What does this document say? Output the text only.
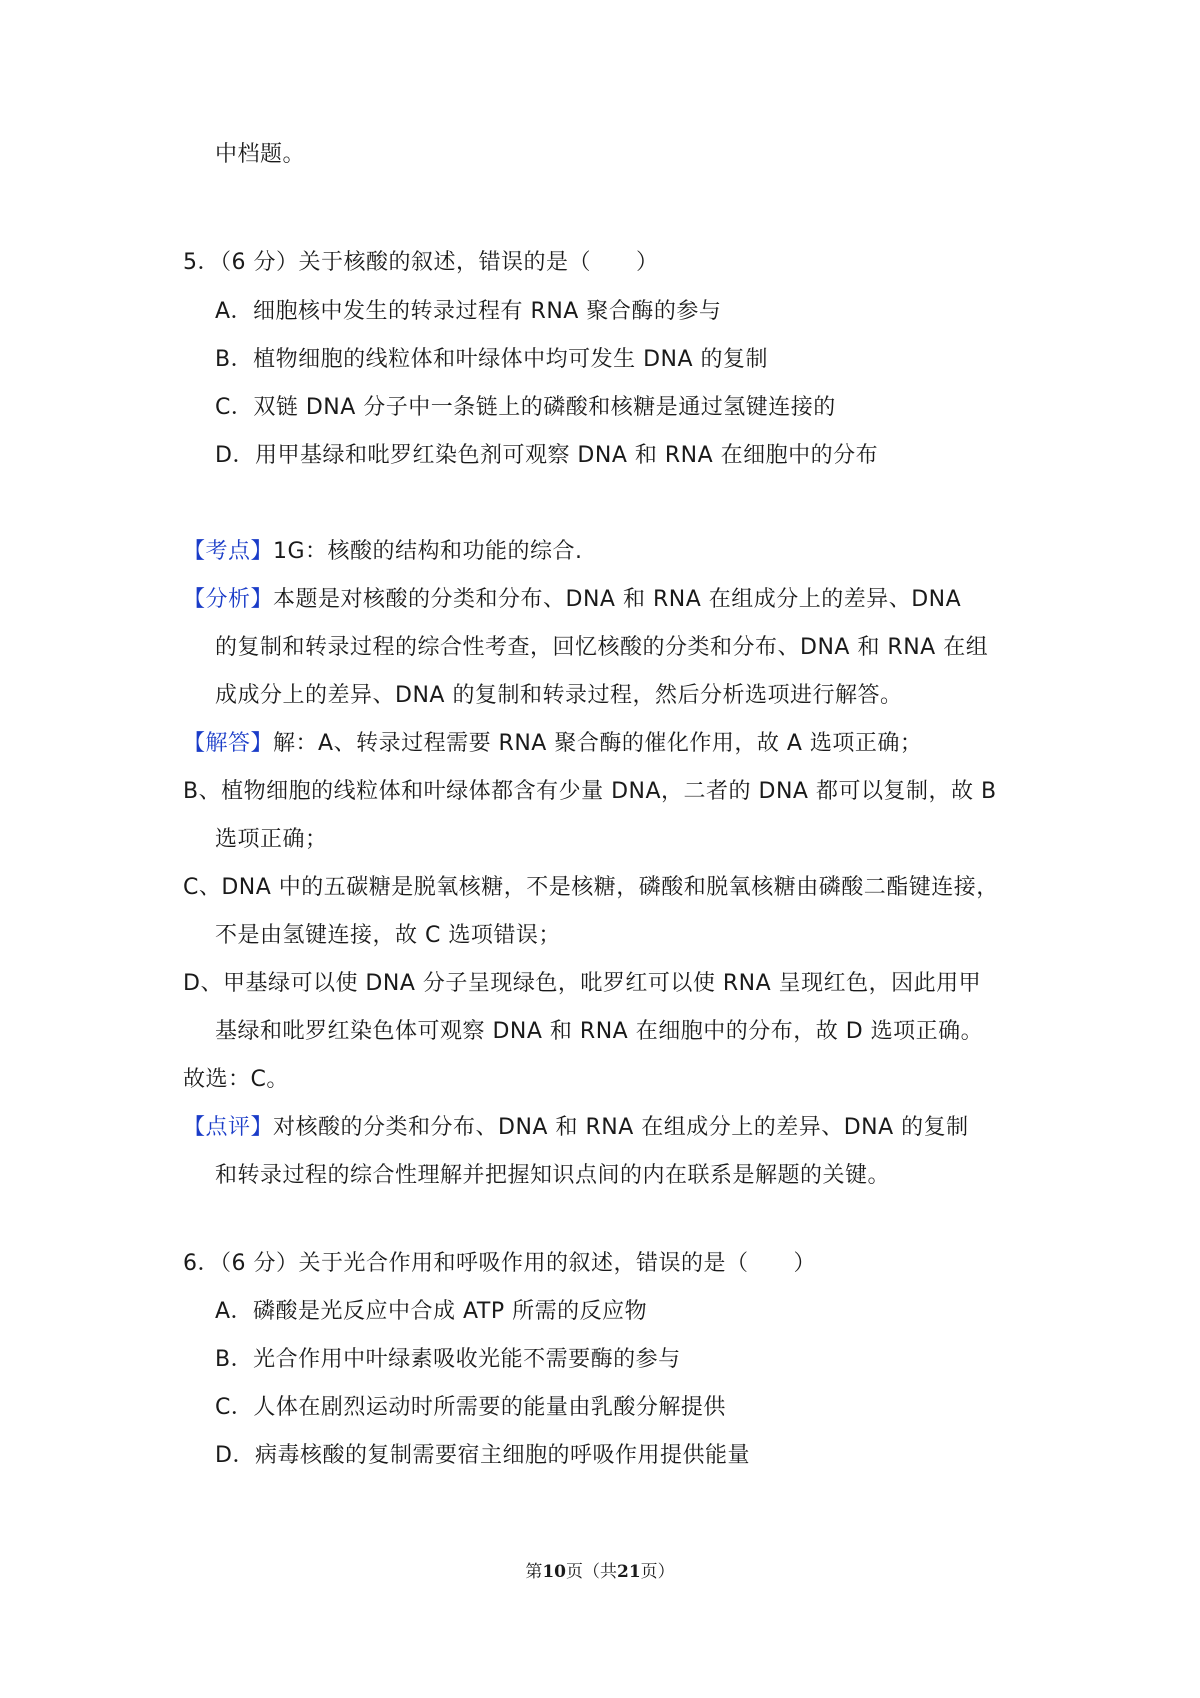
中档题。
5．（6 分）关于核酸的叙述，错误的是（　　）
A．细胞核中发生的转录过程有 RNA 聚合酶的参与
B．植物细胞的线粒体和叶绿体中均可发生 DNA 的复制
C．双链 DNA 分子中一条链上的磷酸和核糖是通过氢键连接的
D．用甲基绿和吡罗红染色剂可观察 DNA 和 RNA 在细胞中的分布
【考点】1G：核酸的结构和功能的综合.
【分析】本题是对核酸的分类和分布、DNA 和 RNA 在组成分上的差异、DNA
的复制和转录过程的综合性考查，回忆核酸的分类和分布、DNA 和 RNA 在组
成成分上的差异、DNA 的复制和转录过程，然后分析选项进行解答。
【解答】解：A、转录过程需要 RNA 聚合酶的催化作用，故 A 选项正确；
B、植物细胞的线粒体和叶绿体都含有少量 DNA，二者的 DNA 都可以复制，故 B
选项正确；
C、DNA 中的五碳糖是脱氧核糖，不是核糖，磷酸和脱氧核糖由磷酸二酯键连接，
不是由氢键连接，故 C 选项错误；
D、甲基绿可以使 DNA 分子呈现绿色，吡罗红可以使 RNA 呈现红色，因此用甲
基绿和吡罗红染色体可观察 DNA 和 RNA 在细胞中的分布，故 D 选项正确。
故选：C。
【点评】对核酸的分类和分布、DNA 和 RNA 在组成分上的差异、DNA 的复制
和转录过程的综合性理解并把握知识点间的内在联系是解题的关键。
6．（6 分）关于光合作用和呼吸作用的叙述，错误的是（　　）
A．磷酸是光反应中合成 ATP 所需的反应物
B．光合作用中叶绿素吸收光能不需要酶的参与
C．人体在剧烈运动时所需要的能量由乳酸分解提供
D．病毒核酸的复制需要宿主细胞的呼吸作用提供能量
第10页（共21页）
